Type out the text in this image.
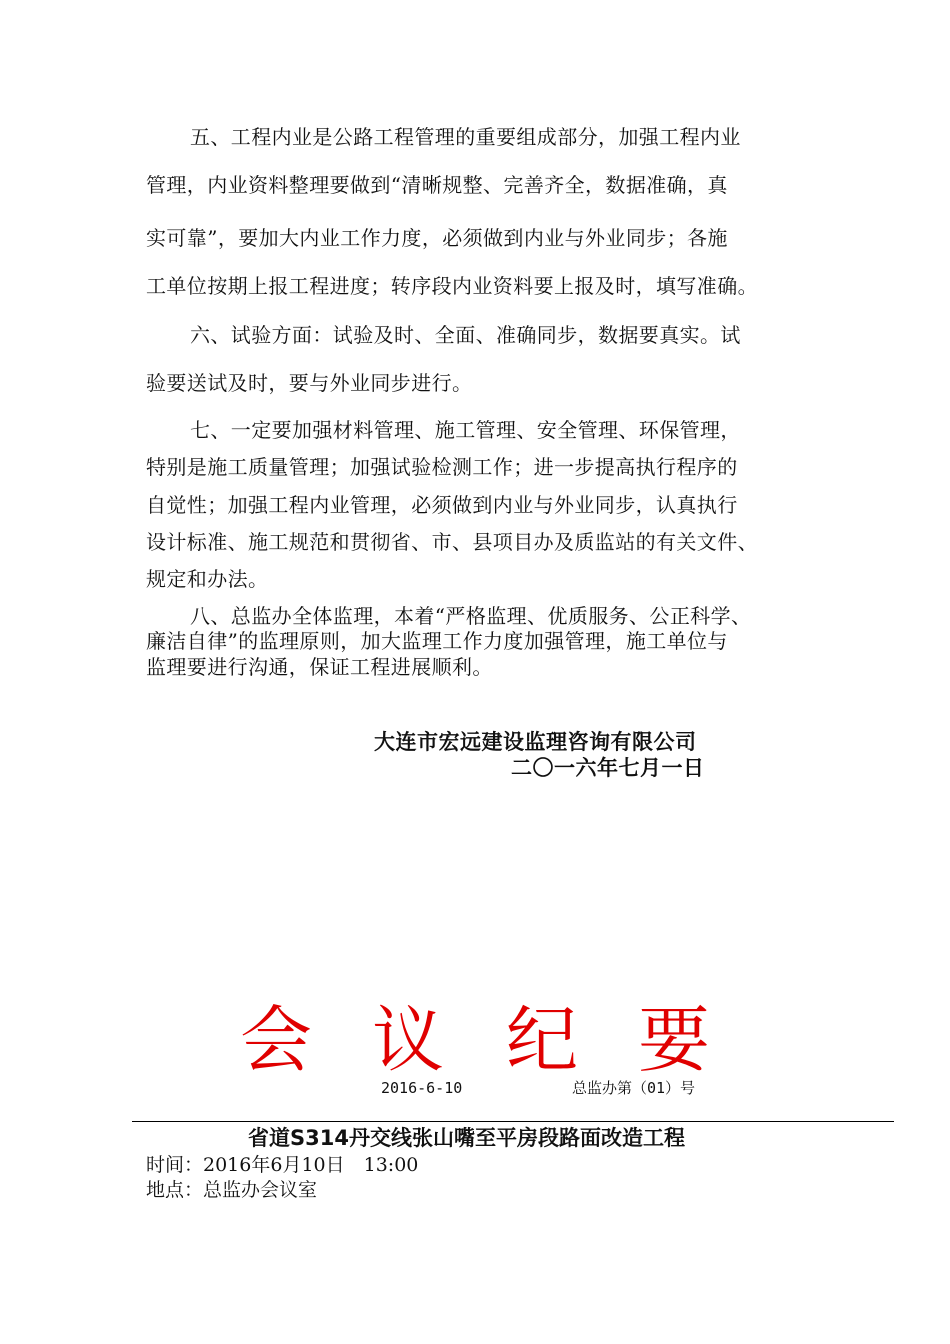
五、工程内业是公路工程管理的重要组成部分，加强工程内业
管理，内业资料整理要做到“清晰规整、完善齐全，数据准确，真
实可靠”，要加大内业工作力度，必须做到内业与外业同步；各施
工单位按期上报工程进度；转序段内业资料要上报及时，填写准确。
六、试验方面：试验及时、全面、准确同步，数据要真实。试
验要送试及时，要与外业同步进行。
七、一定要加强材料管理、施工管理、安全管理、环保管理，
特别是施工质量管理；加强试验检测工作；进一步提高执行程序的
自觉性；加强工程内业管理，必须做到内业与外业同步，认真执行
设计标准、施工规范和贯彻省、市、县项目办及质监站的有关文件、
规定和办法。
八、总监办全体监理，本着“严格监理、优质服务、公正科学、
廉洁自律”的监理原则，加大监理工作力度加强管理，施工单位与
监理要进行沟通，保证工程进展顺利。
大连市宏远建设监理咨询有限公司
二〇一六年七月一日
会 议 纪 要
2016-6-10	总监办第（01）号
省道S314丹交线张山嘴至平房段路面改造工程
时间：2016年6月10日　13:00
地点：总监办会议室
